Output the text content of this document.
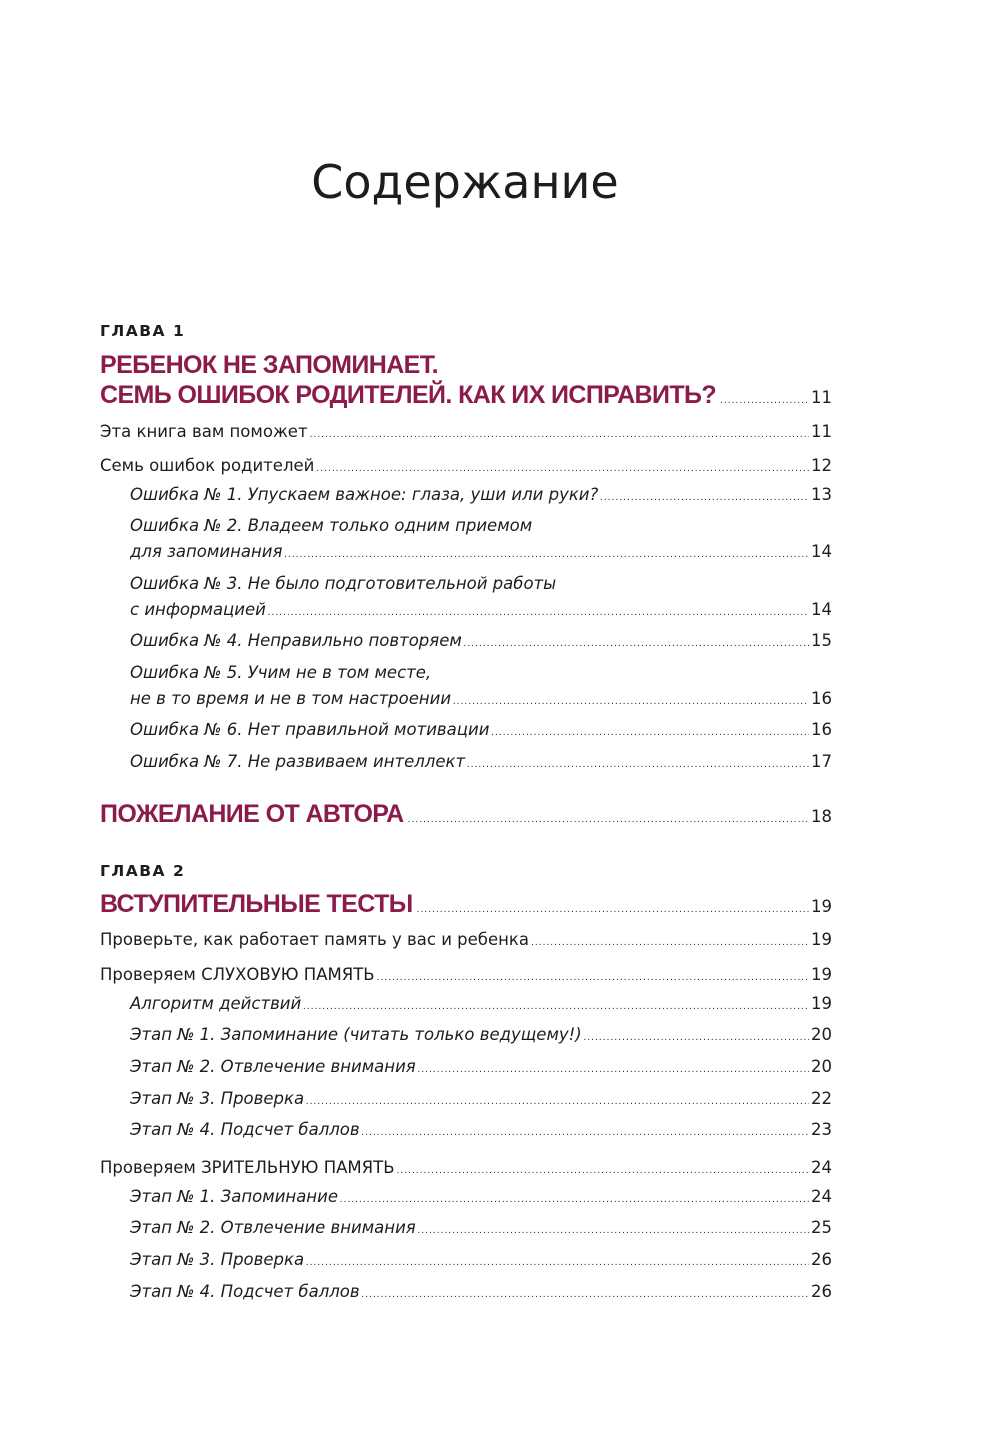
Содержание
ГЛАВА 1
РЕБЕНОК НЕ ЗАПОМИНАЕТ.
СЕМЬ ОШИБОК РОДИТЕЛЕЙ. КАК ИХ ИСПРАВИТЬ? .....	11
Эта книга вам поможет .....	11
Семь ошибок родителей .....	12
Ошибка № 1. Упускаем важное: глаза, уши или руки? .....	13
Ошибка № 2. Владеем только одним приемом
для запоминания .....	14
Ошибка № 3. Не было подготовительной работы
с информацией .....	14
Ошибка № 4. Неправильно повторяем .....	15
Ошибка № 5. Учим не в том месте,
не в то время и не в том настроении .....	16
Ошибка № 6. Нет правильной мотивации .....	16
Ошибка № 7. Не развиваем интеллект .....	17
ПОЖЕЛАНИЕ ОТ АВТОРА .....	18
ГЛАВА 2
ВСТУПИТЕЛЬНЫЕ ТЕСТЫ .....	19
Проверьте, как работает память у вас и ребенка .....	19
Проверяем СЛУХОВУЮ ПАМЯТЬ .....	19
Алгоритм действий .....	19
Этап № 1. Запоминание (читать только ведущему!) .....	20
Этап № 2. Отвлечение внимания .....	20
Этап № 3. Проверка .....	22
Этап № 4. Подсчет баллов .....	23
Проверяем ЗРИТЕЛЬНУЮ ПАМЯТЬ .....	24
Этап № 1. Запоминание .....	24
Этап № 2. Отвлечение внимания .....	25
Этап № 3. Проверка .....	26
Этап № 4. Подсчет баллов .....	26
